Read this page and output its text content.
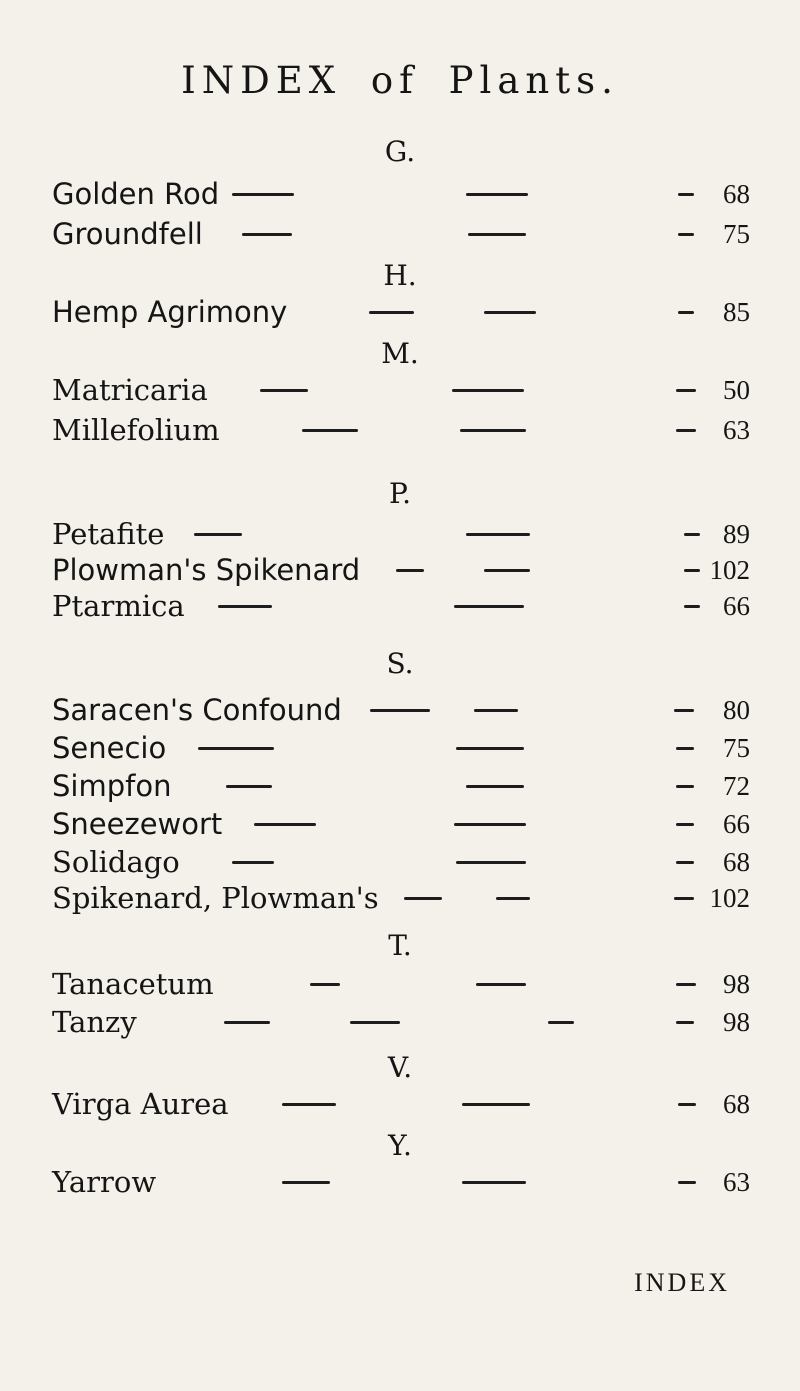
INDEX of Plants.
G.
Golden Rod	68
Groundfell	75
H.
Hemp Agrimony	85
M.
Matricaria	50
Millefolium	63
P.
Petafite	89
Plowman's Spikenard	102
Ptarmica	66
S.
Saracen's Confound	80
Senecio	75
Simpfon	72
Sneezewort	66
Solidago	68
Spikenard, Plowman's	102
T.
Tanacetum	98
Tanzy	98
V.
Virga Aurea	68
Y.
Yarrow	63
INDEX
